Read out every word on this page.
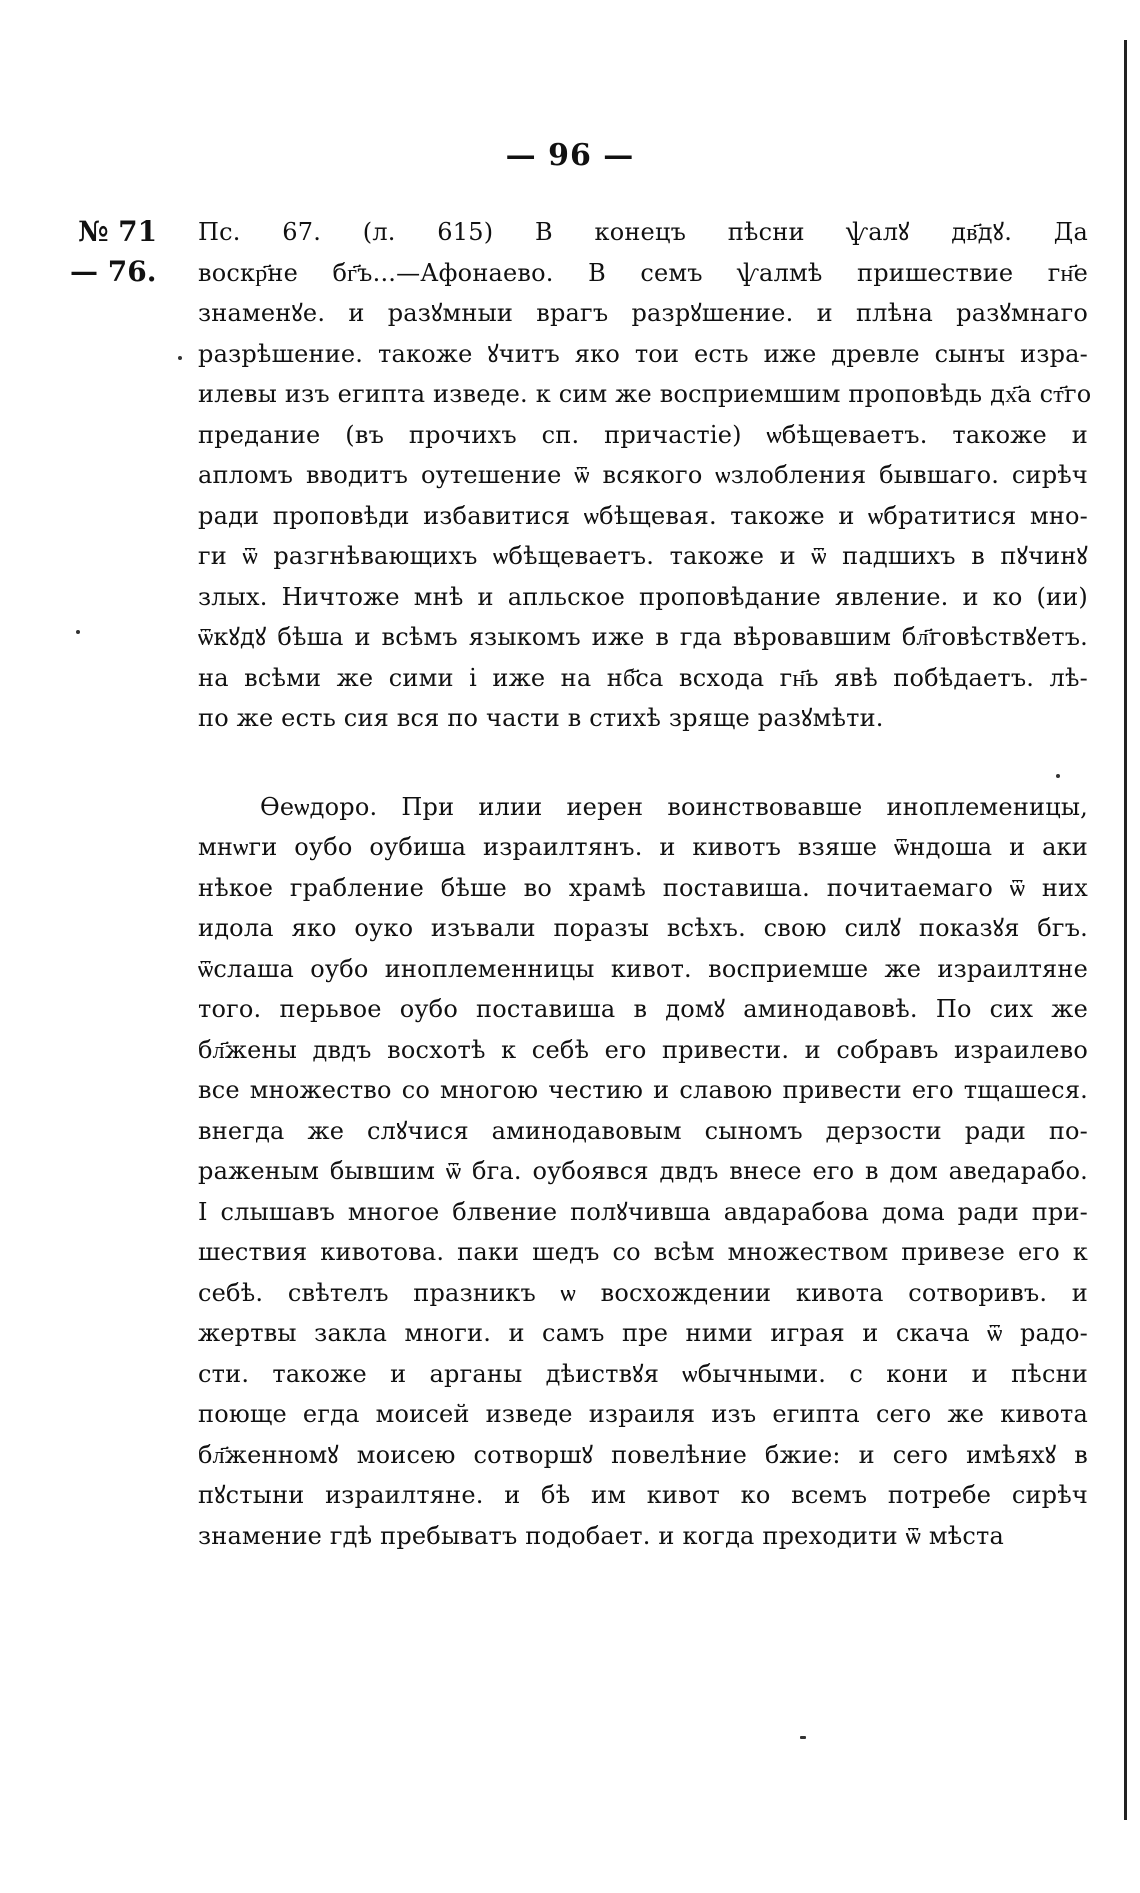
— 96 —
№ 71
— 76.
Пс. 67. (л. 615) В конецъ пѣсни ѱалꙋ дв҃дꙋ. Да
воскр҃не бг҃ъ...—Афонаево. В семъ ѱалмѣ пришествие гн҃е
знаменꙋе. и разꙋмныи врагъ разрꙋшение. и плѣна разꙋмнаго
разрѣшение. такоже ꙋчитъ яко тои есть иже древле сынꙑ изра-
илевы изъ египта изведе. к сим же восприемшим проповѣдь дх҃а ст҃го
предание (въ прочихъ сп. причастіе) ѡбѣщеваетъ. такоже и
апломъ вводитъ оутешение ѿ всякого ѡзлобления бывшаго. сирѣч
ради проповѣди избавитися ѡбѣщевая. такоже и ѡбратитися мно-
ги ѿ разгнѣвающихъ ѡбѣщеваетъ. такоже и ѿ падшихъ в пꙋчинꙋ
злых. Ничтоже мнѣ и апльское проповѣдание явление. и ко (ии)
ѿкꙋдꙋ бѣша и всѣмъ языкомъ иже в гда вѣровавшим бл҃говѣствꙋетъ.
на всѣми же сими і иже на нб҃са всхода гн҃ь явѣ побѣдаетъ. лѣ-
по же есть сия вся по части в стихѣ зряще разꙋмѣти.
Ѳеѡдоро. При илии иерен воинствовавше иноплеменицы,
мнѡги оубо оубиша израилтянъ. и кивотъ взяше ѿндоша и аки
нѣкое грабление бѣше во храмѣ поставиша. почитаемаго ѿ них
идола яко оуко изъвали поразꙑ всѣхъ. свою силꙋ показꙋя бгъ.
ѿслаша оубо иноплеменницы кивот. восприемше же израилтяне
того. перьвое оубо поставиша в домꙋ аминодавовѣ. По сих же
бл҃жены двдъ восхотѣ к себѣ его привести. и собравъ израилево
все множество со многою честию и славою привести его тщашеся.
внегда же слꙋчися аминодавовым сыномъ дерзости ради по-
раженым бывшим ѿ бга. оубоявся двдъ внесе его в дом аведарабо.
І слышавъ многое блвение полꙋчивша авдарабова дома ради при-
шествия кивотова. паки шедъ со всѣм множеством привезе его к
себѣ. свѣтелъ празникъ ѡ восхождении кивота сотворивъ. и
жертвы закла многи. и самъ пре ними играя и скача ѿ радо-
сти. такоже и арганы дѣиствꙋя ѡбычными. с кони и пѣсни
поюще егда моисей изведе израиля изъ египта сего же кивота
бл҃женномꙋ моисею сотворшꙋ повелѣние бжие: и сего имѣяхꙋ в
пꙋстыни израилтяне. и бѣ им кивот ко всемъ потребе сирѣч
знамение гдѣ пребыватъ подобает. и когда преходити ѿ мѣста
